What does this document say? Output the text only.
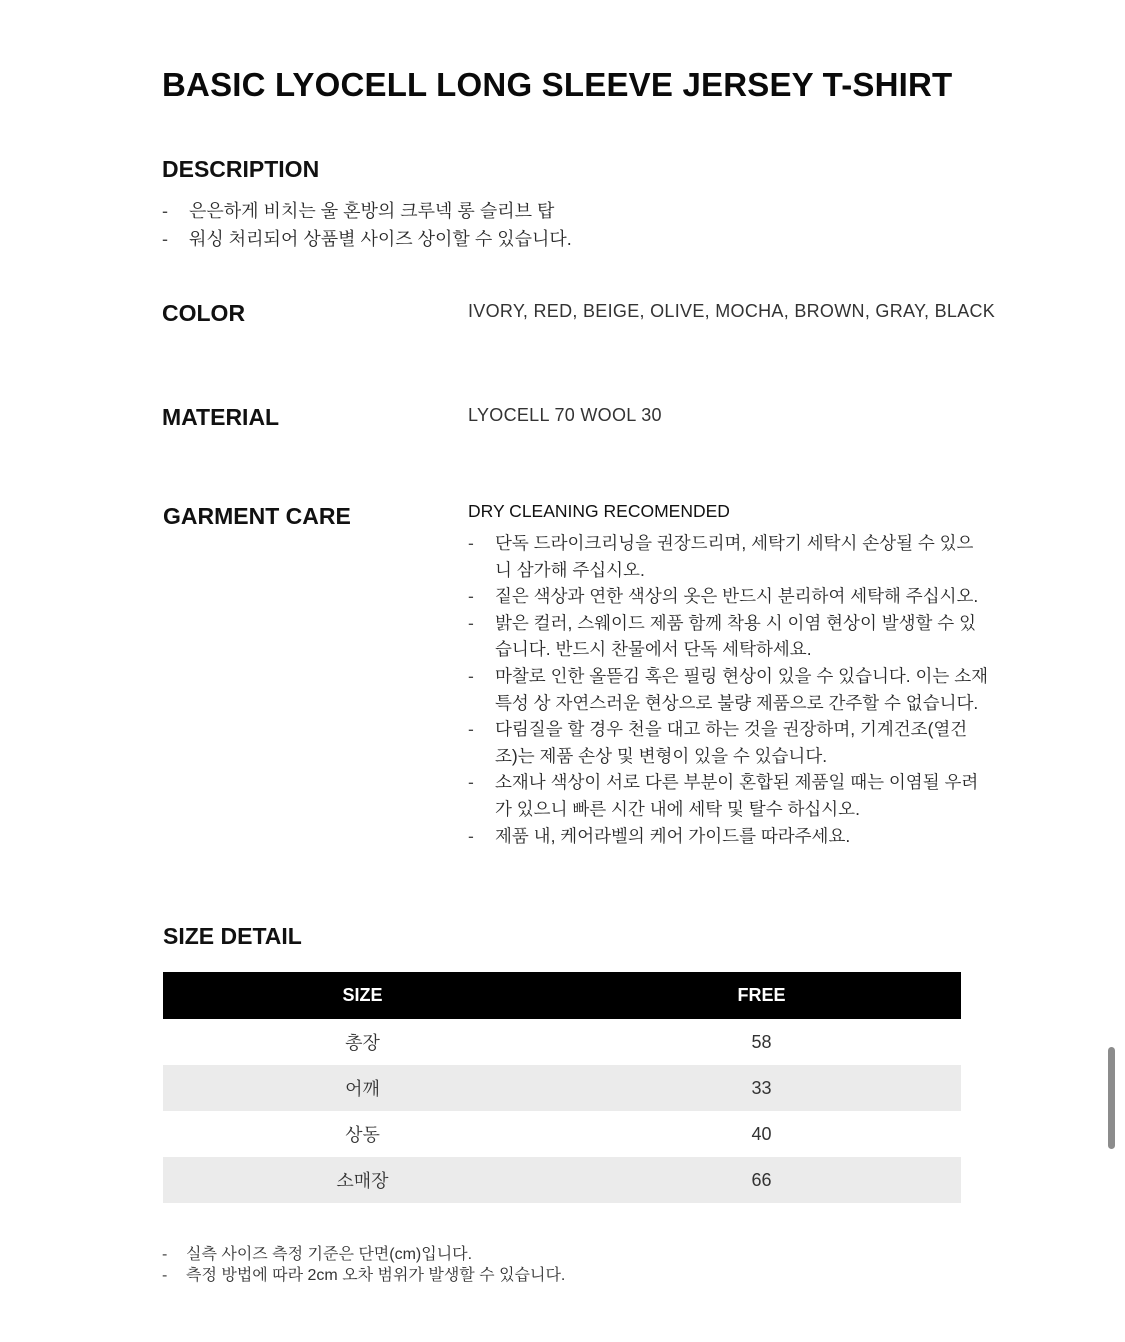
BASIC LYOCELL LONG SLEEVE JERSEY T-SHIRT
DESCRIPTION
- 은은하게 비치는 울 혼방의 크루넥 롱 슬리브 탑
- 워싱 처리되어 상품별 사이즈 상이할 수 있습니다.
COLOR	IVORY, RED, BEIGE, OLIVE, MOCHA, BROWN, GRAY, BLACK
MATERIAL	LYOCELL 70 WOOL 30
GARMENT CARE	DRY CLEANING RECOMENDED
- 단독 드라이크리닝을 권장드리며, 세탁기 세탁시 손상될 수 있으니 삼가해 주십시오.
- 짙은 색상과 연한 색상의 옷은 반드시 분리하여 세탁해 주십시오.
- 밝은 컬러, 스웨이드 제품 함께 착용 시 이염 현상이 발생할 수 있습니다. 반드시 찬물에서 단독 세탁하세요.
- 마찰로 인한 올뜯김 혹은 필링 현상이 있을 수 있습니다. 이는 소재 특성 상 자연스러운 현상으로 불량 제품으로 간주할 수 없습니다.
- 다림질을 할 경우 천을 대고 하는 것을 권장하며, 기계건조(열건조)는 제품 손상 및 변형이 있을 수 있습니다.
- 소재나 색상이 서로 다른 부분이 혼합된 제품일 때는 이염될 우려가 있으니 빠른 시간 내에 세탁 및 탈수 하십시오.
- 제품 내, 케어라벨의 케어 가이드를 따라주세요.
SIZE DETAIL
SIZE	FREE
총장	58
어깨	33
상동	40
소매장	66
- 실측 사이즈 측정 기준은 단면(cm)입니다.
- 측정 방법에 따라 2cm 오차 범위가 발생할 수 있습니다.
